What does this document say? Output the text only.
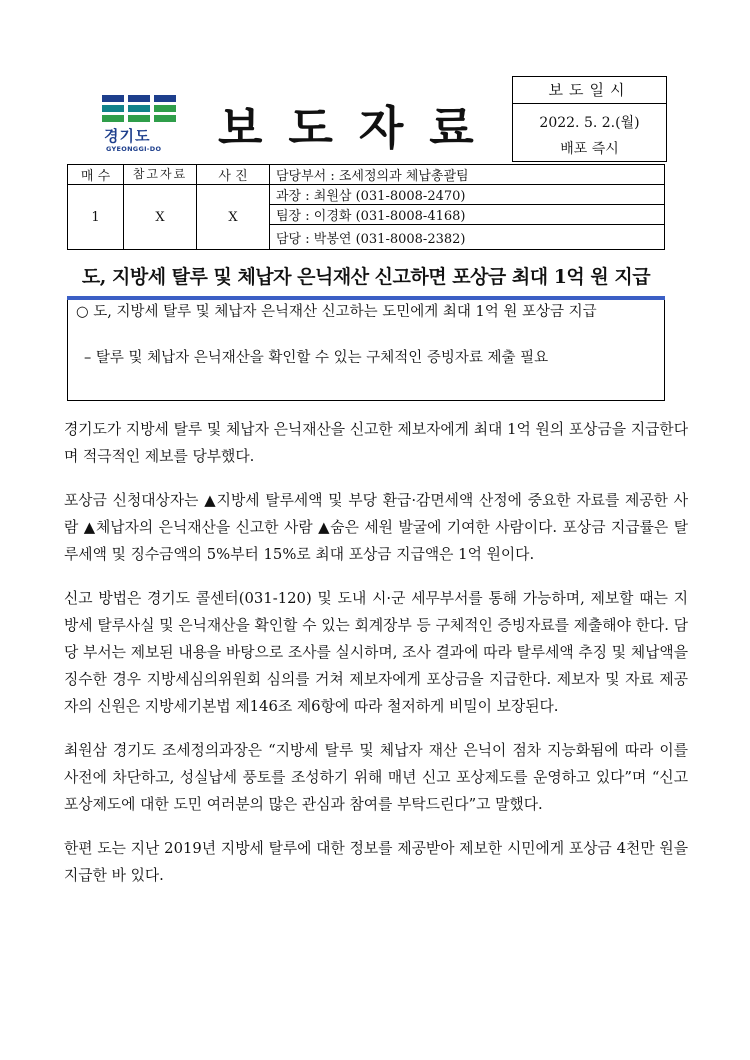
경기도
GYEONGGI-DO 보도자료
보도일시
2022. 5. 2.(월)
배포 즉시
매 수	참고자료	사 진	담당부서 : 조세정의과 체납총괄팀
1	X	X	과장 : 최원삼 (031-8008-2470)
			팀장 : 이경화 (031-8008-4168)
			담당 : 박봉연 (031-8008-2382)
도, 지방세 탈루 및 체납자 은닉재산 신고하면 포상금 최대 1억 원 지급
○ 도, 지방세 탈루 및 체납자 은닉재산 신고하는 도민에게 최대 1억 원 포상금 지급
– 탈루 및 체납자 은닉재산을 확인할 수 있는 구체적인 증빙자료 제출 필요

경기도가 지방세 탈루 및 체납자 은닉재산을 신고한 제보자에게 최대 1억 원의 포상금을 지급한다며 적극적인 제보를 당부했다.

포상금 신청대상자는 ▲지방세 탈루세액 및 부당 환급·감면세액 산정에 중요한 자료를 제공한 사람 ▲체납자의 은닉재산을 신고한 사람 ▲숨은 세원 발굴에 기여한 사람이다. 포상금 지급률은 탈루세액 및 징수금액의 5%부터 15%로 최대 포상금 지급액은 1억 원이다.

신고 방법은 경기도 콜센터(031-120) 및 도내 시·군 세무부서를 통해 가능하며, 제보할 때는 지방세 탈루사실 및 은닉재산을 확인할 수 있는 회계장부 등 구체적인 증빙자료를 제출해야 한다. 담당 부서는 제보된 내용을 바탕으로 조사를 실시하며, 조사 결과에 따라 탈루세액 추징 및 체납액을 징수한 경우 지방세심의위원회 심의를 거쳐 제보자에게 포상금을 지급한다. 제보자 및 자료 제공자의 신원은 지방세기본법 제146조 제6항에 따라 철저하게 비밀이 보장된다.

최원삼 경기도 조세정의과장은 “지방세 탈루 및 체납자 재산 은닉이 점차 지능화됨에 따라 이를 사전에 차단하고, 성실납세 풍토를 조성하기 위해 매년 신고 포상제도를 운영하고 있다”며 “신고 포상제도에 대한 도민 여러분의 많은 관심과 참여를 부탁드린다”고 말했다.

한편 도는 지난 2019년 지방세 탈루에 대한 정보를 제공받아 제보한 시민에게 포상금 4천만 원을 지급한 바 있다.
